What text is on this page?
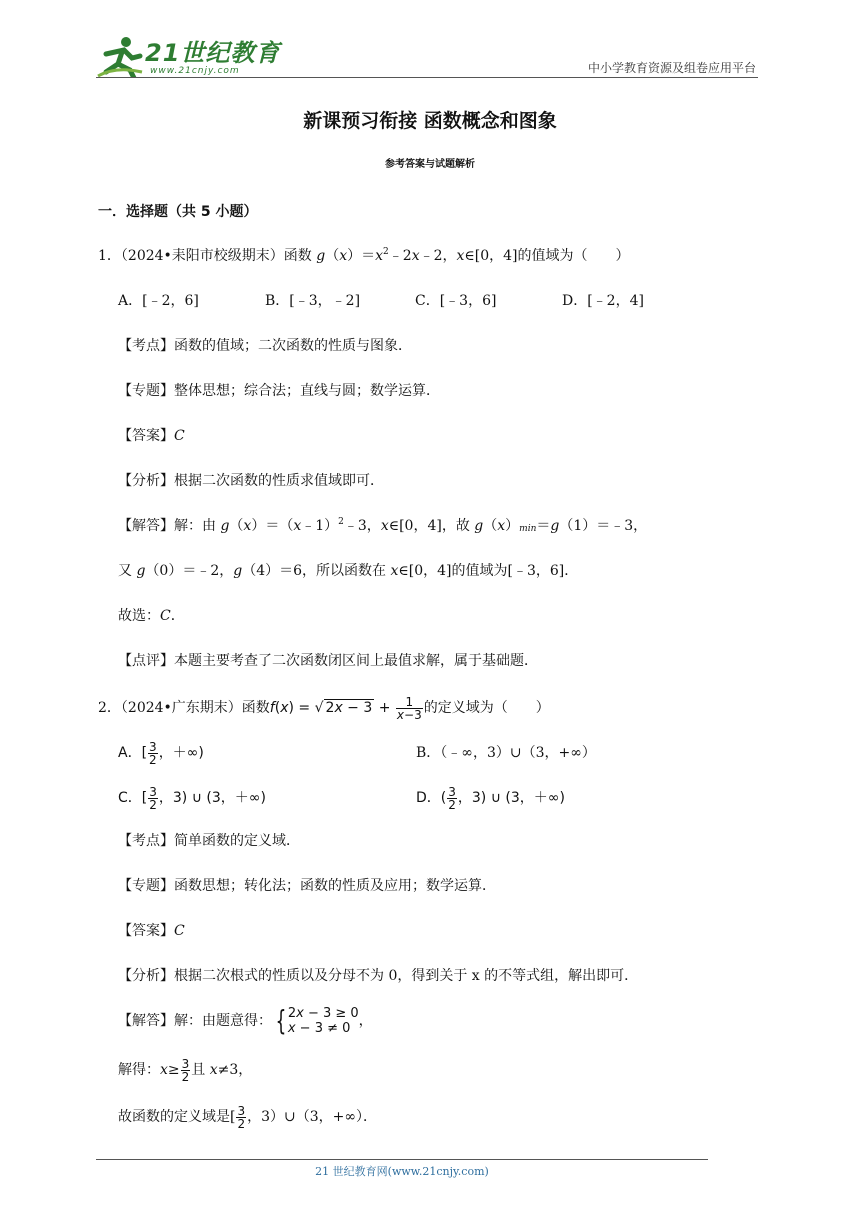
21世纪教育
www.21cnjy.com	中小学教育资源及组卷应用平台
新课预习衔接 函数概念和图象
参考答案与试题解析
一．选择题（共 5 小题）
1．（2024•耒阳市校级期末）函数 $g(x)=x^2﹣2x﹣2$，x∈[0，4]的值域为（　　）
A．[﹣2，6]	B．[﹣3，﹣2]	C．[﹣3，6]	D．[﹣2，4]
【考点】函数的值域；二次函数的性质与图象．
【专题】整体思想；综合法；直线与圆；数学运算．
【答案】C
【分析】根据二次函数的性质求值域即可．
【解答】解：由 g（x）＝（x﹣1）$^2$﹣3，x∈[0，4]，故 $g(x)_{min}=g(1)=﹣3$，
又 g（0）＝﹣2，g（4）＝6，所以函数在 x∈[0，4]的值域为[﹣3，6]．
故选：C．
【点评】本题主要考查了二次函数闭区间上最值求解，属于基础题．
2．（2024•广东期末）函数f(x) = √ $2x - 3 + \frac{1}{x-3}$ 的定义域为（　　）
A．[ $\frac{3}{2}$ ，＋∞)	B．（﹣∞，3）∪（3，+∞）
C．[ $\frac{3}{2}$ ，3) ∪ (3，＋∞)	D．( $\frac{3}{2}$ ，3) ∪ (3，＋∞)
【考点】简单函数的定义域．
【专题】函数思想；转化法；函数的性质及应用；数学运算．
【答案】C
【分析】根据二次根式的性质以及分母不为 0，得到关于 x 的不等式组，解出即可．
【解答】解：由题意得： { 2x − 3 ≥ 0
x − 3 ≠ 0 ，
解得：$x\ge \frac{3}{2}$ 且 x≠3，
故函数的定义域是[ $\frac{3}{2}$ ，3）∪（3，+∞）．
21 世纪教育网(www.21cnjy.com)
